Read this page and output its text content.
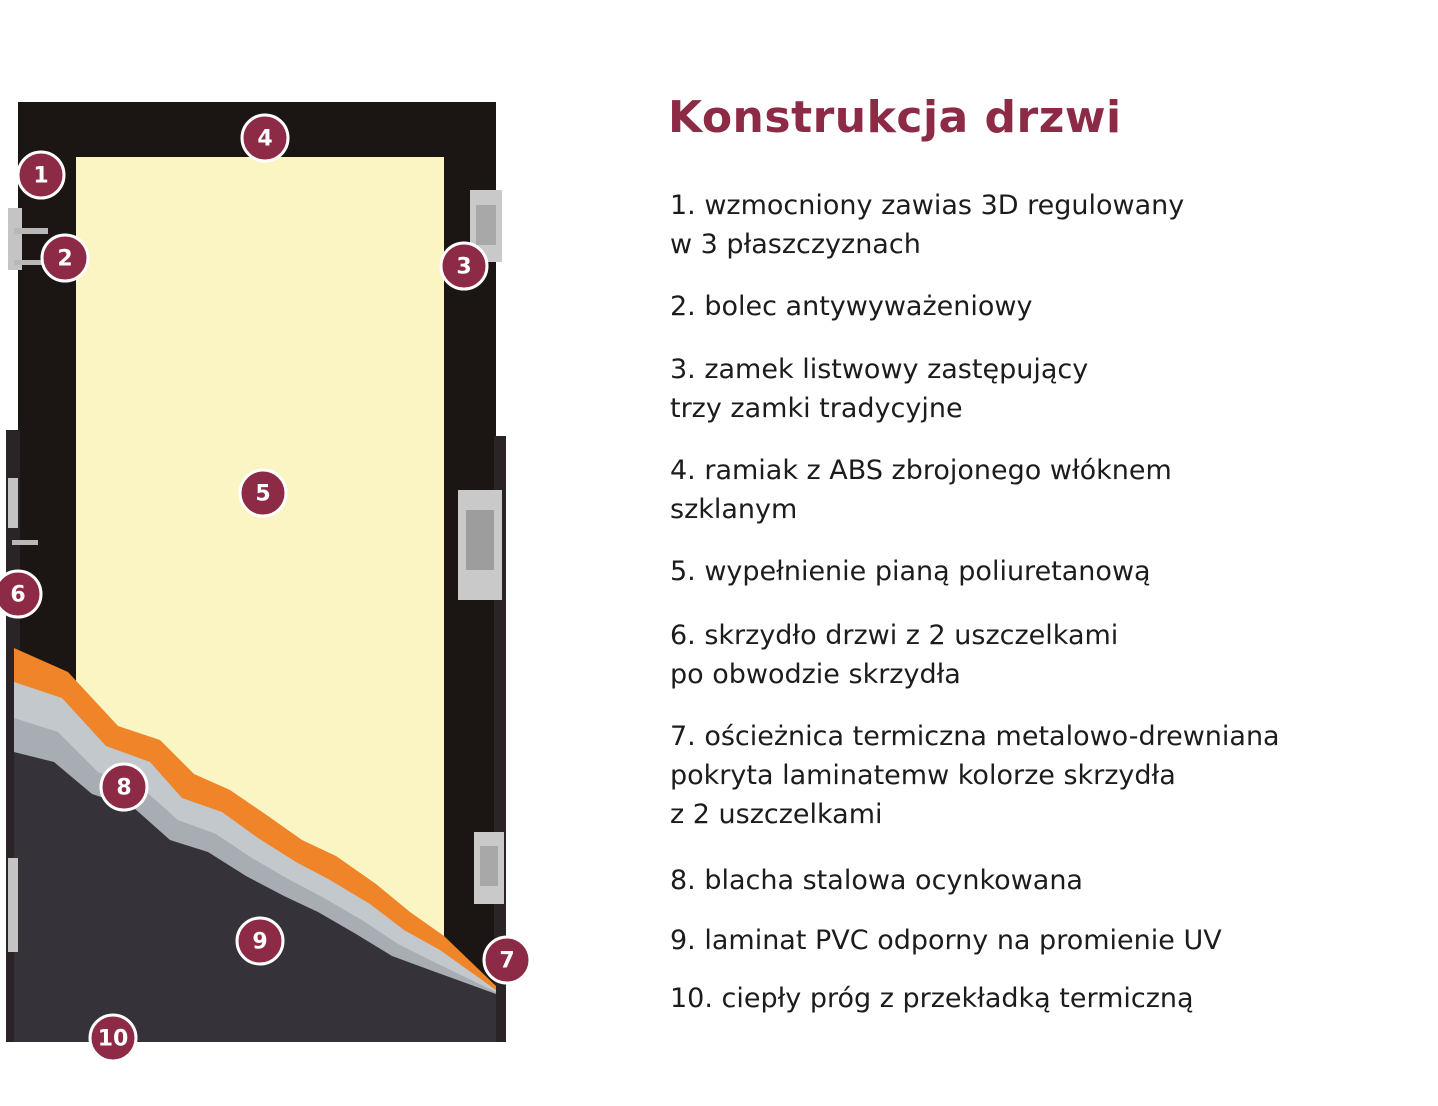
1
2	3
4
5
6
7
8
9
10
Konstrukcja drzwi
1. wzmocniony zawias 3D regulowany
w 3 płaszczyznach
2. bolec antywyważeniowy
3. zamek listwowy zastępujący
trzy zamki tradycyjne
4. ramiak z ABS zbrojonego włóknem
szklanym
5. wypełnienie pianą poliuretanową
6. skrzydło drzwi z 2 uszczelkami
po obwodzie skrzydła
7. ościeżnica termiczna metalowo-drewniana
pokryta laminatemw kolorze skrzydła
z 2 uszczelkami
8. blacha stalowa ocynkowana
9. laminat PVC odporny na promienie UV
10. ciepły próg z przekładką termiczną
